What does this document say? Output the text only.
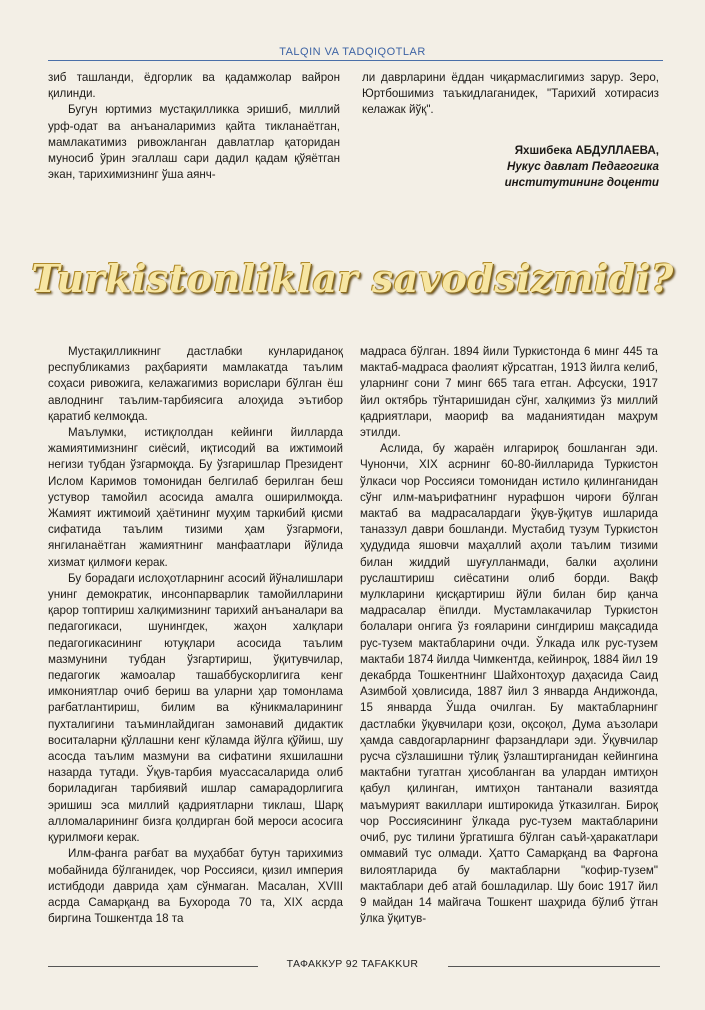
TALQIN VA TADQIQOTLAR

зиб ташланди, ёдгорлик ва қадамжолар вайрон қилинди.

Бугун юртимиз мустақилликка эришиб, миллий урф-одат ва анъаналаримиз қайта тикланаётган, мамлакатимиз ривожланган давлатлар қаторидан муносиб ўрин эгаллаш сари дадил қадам қўяётган экан, тарихимизнинг ўша аянч-

ли даврларини ёддан чиқармаслигимиз зарур. Зеро, Юртбошимиз таъкидлаганидек, "Тарихий хотирасиз келажак йўқ".

Яхшибека АБДУЛЛАЕВА,
Нукус давлат Педагогика
институтининг доценти
Turkistonliklar savodsizmidi?

Мустақилликнинг дастлабки кунлариданоқ республикамиз раҳбарияти мамлакатда таълим соҳаси ривожига, келажагимиз ворислари бўлган ёш авлоднинг таълим-тарбиясига алоҳида эътибор қаратиб келмоқда.

Маълумки, истиқлолдан кейинги йилларда жамиятимизнинг сиёсий, иқтисодий ва ижтимоий негизи тубдан ўзгармоқда. Бу ўзгаришлар Президент Ислом Каримов томонидан белгилаб берилган беш устувор тамойил асосида амалга оширилмоқда. Жамият ижтимоий ҳаётининг муҳим таркибий қисми сифатида таълим тизими ҳам ўзгармоғи, янгиланаётган жамиятнинг манфаатлари йўлида хизмат қилмоғи керак.

Бу борадаги ислоҳотларнинг асосий йўналишлари унинг демократик, инсонпарварлик тамойилларини қарор топтириш халқимизнинг тарихий анъаналари ва педагогикаси, шунингдек, жаҳон халқлари педагогикасининг ютуқлари асосида таълим мазмунини тубдан ўзгартириш, ўқитувчилар, педагогик жамоалар ташаббускорлигига кенг имкониятлар очиб бериш ва уларни ҳар томонлама рағбатлантириш, билим ва кўникмаларининг пухталигини таъминлайдиган замонавий дидактик воситаларни қўллашни кенг кўламда йўлга қўйиш, шу асосда таълим мазмуни ва сифатини яхшилашни назарда тутади. Ўқув-тарбия муассасаларида олиб бориладиган тарбиявий ишлар самарадорлигига эришиш эса миллий қадриятларни тиклаш, Шарқ алломаларининг бизга қолдирган бой мероси асосига қурилмоғи керак.

Илм-фанга рағбат ва муҳаббат бутун тарихимиз мобайнида бўлганидек, чор Россияси, қизил империя истибдоди даврида ҳам сўнмаган. Масалан, XVIII асрда Самарқанд ва Бухорода 70 та, XIX асрда биргина Тошкентда 18 та

мадраса бўлган. 1894 йили Туркистонда 6 минг 445 та мактаб-мадраса фаолият кўрсатган, 1913 йилга келиб, уларнинг сони 7 минг 665 тага етган. Афсуски, 1917 йил октябрь тўнтаришидан сўнг, халқимиз ўз миллий қадриятлари, маориф ва маданиятидан маҳрум этилди.

Аслида, бу жараён илгарироқ бошланган эди. Чунончи, XIX асрнинг 60-80-йилларида Туркистон ўлкаси чор Россияси томонидан истило қилинганидан сўнг илм-маърифатнинг нурафшон чироғи бўлган мактаб ва мадрасалардаги ўқув-ўқитув ишларида таназзул даври бошланди. Мустабид тузум Туркистон ҳудудида яшовчи маҳаллий аҳоли таълим тизими билан жиддий шуғулланмади, балки аҳолини руслаштириш сиёсатини олиб борди. Вақф мулкларини қисқартириш йўли билан бир қанча мадрасалар ёпилди. Мустамлакачилар Туркистон болалари онгига ўз ғояларини сингдириш мақсадида рус-тузем мактабларини очди. Ўлкада илк рус-тузем мактаби 1874 йилда Чимкентда, кейинроқ, 1884 йил 19 декабрда Тошкентнинг Шайхонтоҳур даҳасида Саид Азимбой ҳовлисида, 1887 йил 3 январда Андижонда, 15 январда Ўшда очилган. Бу мактабларнинг дастлабки ўқувчилари қози, оқсоқол, Дума аъзолари ҳамда савдогарларнинг фарзандлари эди. Ўқувчилар русча сўзлашишни тўлиқ ўзлаштирганидан кейингина мактабни тугатган ҳисобланган ва улардан имтиҳон қабул қилинган, имтиҳон тантанали вазиятда маъмурият вакиллари иштирокида ўтказилган. Бироқ чор Россиясининг ўлкада рус-тузем мактабларини очиб, рус тилини ўргатишга бўлган саъй-ҳаракатлари оммавий тус олмади. Ҳатто Самарқанд ва Фарғона вилоятларида бу мактабларни "кофир-тузем" мактаблари деб атай бошладилар. Шу боис 1917 йил 9 майдан 14 майгача Тошкент шаҳрида бўлиб ўтган ўлка ўқитув-

ТАФАККУР 92 TAFAKKUR
